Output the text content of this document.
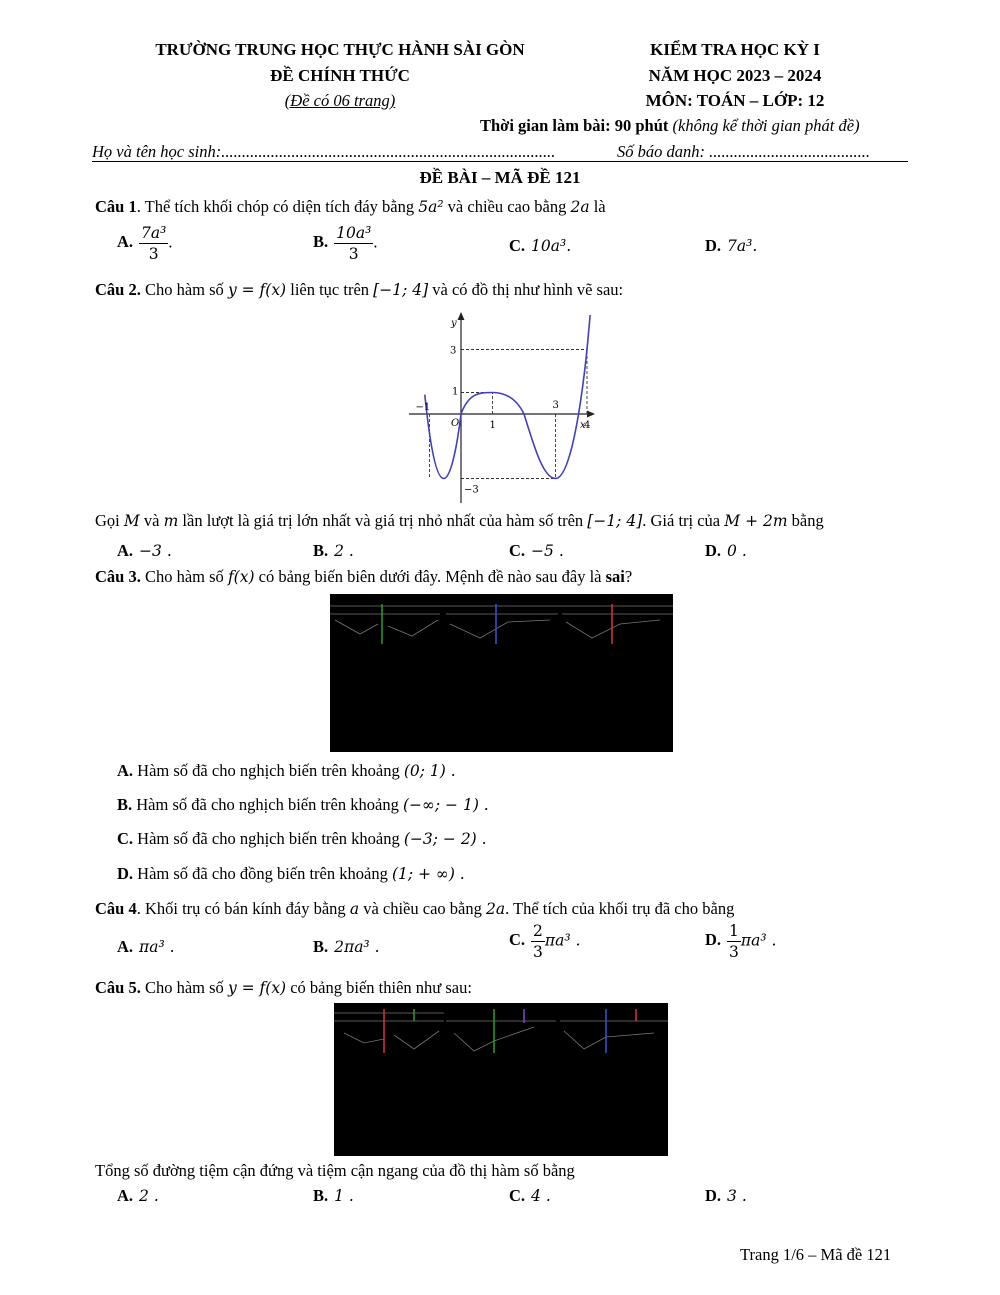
TRƯỜNG TRUNG HỌC THỰC HÀNH SÀI GÒN
ĐỀ CHÍNH THỨC
(Đề có 06 trang)
KIỂM TRA HỌC KỲ I
NĂM HỌC 2023 – 2024
MÔN: TOÁN – LỚP: 12
Thời gian làm bài: 90 phút (không kể thời gian phát đề)
Họ và tên học sinh:.................................................................................	Số báo danh: .......................................
ĐỀ BÀI – MÃ ĐỀ 121
Câu 1. Thể tích khối chóp có diện tích đáy bằng 5a² và chiều cao bằng 2a là
A. $\frac{\text{7a³}}{3}$ .	B. $\frac{\text{10a³}}{3}$ .	C. 10a³.	D. 7a³.
Câu 2. Cho hàm số y = f(x) liên tục trên [−1; 4] và có đồ thị như hình vẽ sau:
y
x
O
−1
1
3
4
3
1
−3
Gọi M và m lần lượt là giá trị lớn nhất và giá trị nhỏ nhất của hàm số trên [−1; 4]. Giá trị của M + 2m bằng
A. −3 .	B. 2 .	C. −5 .	D. 0 .
Câu 3. Cho hàm số f(x) có bảng biến biên dưới đây. Mệnh đề nào sau đây là sai?
A. Hàm số đã cho nghịch biến trên khoảng (0; 1) .
B. Hàm số đã cho nghịch biến trên khoảng (−∞; − 1) .
C. Hàm số đã cho nghịch biến trên khoảng (−3; − 2) .
D. Hàm số đã cho đồng biến trên khoảng (1; + ∞) .
Câu 4. Khối trụ có bán kính đáy bằng a và chiều cao bằng 2a. Thể tích của khối trụ đã cho bằng
A. πa³ .	B. 2πa³ .	C. $\frac{2}{3} \pi a^3$ .	D. $\frac{1}{3} \pi a^3$ .
Câu 5. Cho hàm số y = f(x) có bảng biến thiên như sau:
Tổng số đường tiệm cận đứng và tiệm cận ngang của đồ thị hàm số bằng
A. 2 .	B. 1 .	C. 4 .	D. 3 .
Trang 1/6 – Mã đề 121
